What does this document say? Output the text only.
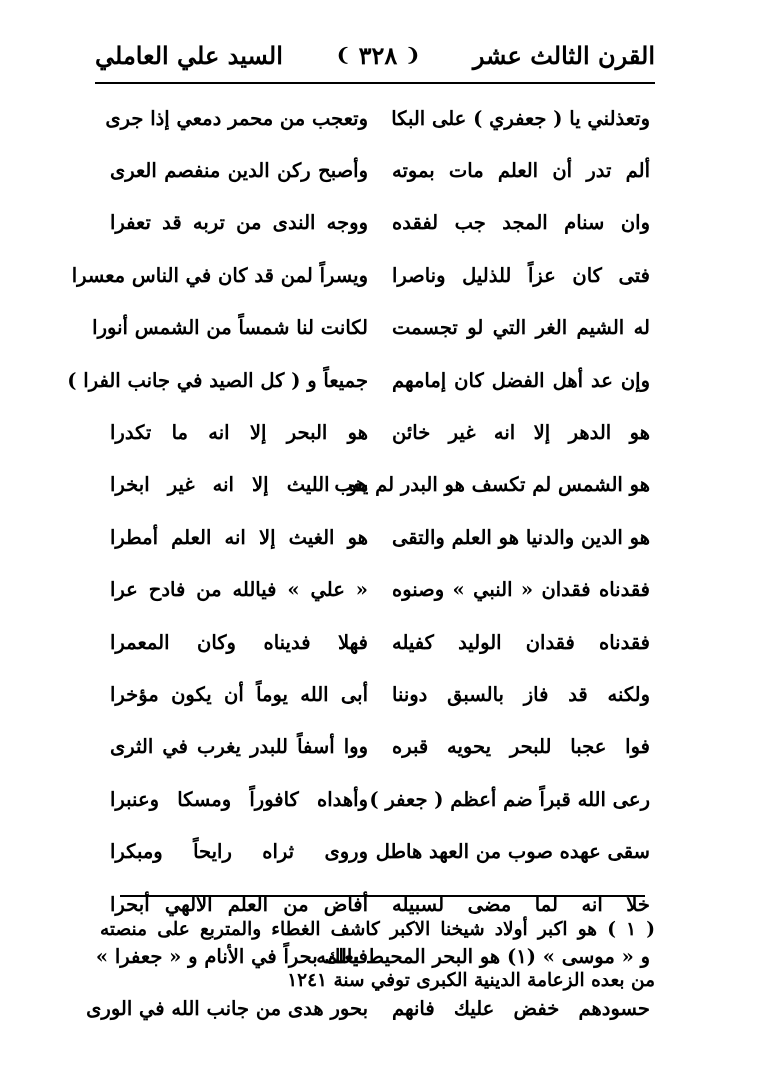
القرن الثالث عشر
❨
٣٢٨
❩
السيد علي العاملي
وتعذلني يا ( جعفري ) على البكا
وتعجب من محمر دمعي إذا جرى
ألم تدر أن العلم مات بموته
وأصبح ركن الدين منفصم العرى
وان سنام المجد جب لفقده
ووجه الندى من تربه قد تعفرا
فتى كان عزاً للذليل وناصرا
ويسراً لمن قد كان في الناس معسرا
له الشيم الغر التي لو تجسمت
لكانت لنا شمساً من الشمس أنورا
وإن عد أهل الفضل كان إمامهم
جميعاً و ( كل الصيد في جانب الفرا )
هو الدهر إلا انه غير خائن
هو البحر إلا انه ما تكدرا
هو الشمس لم تكسف هو البدر لم يغب
هو الليث إلا انه غير ابخرا
هو الدين والدنيا هو العلم والتقى
هو الغيث إلا انه العلم أمطرا
فقدناه فقدان « النبي » وصنوه
« علي » فيالله من فادح عرا
فقدناه فقدان الوليد كفيله
فهلا فديناه وكان المعمرا
ولكنه قد فاز بالسبق دوننا
أبى الله يوماً أن يكون مؤخرا
فوا عجبا للبحر يحويه قبره
ووا أسفاً للبدر يغرب في الثرى
رعى الله قبراً ضم أعظم ( جعفر )
وأهداه كافوراً ومسكا وعنبرا
سقى عهده صوب من العهد هاطل
وروى ثراه رايحاً ومبكرا
خلا انه لما مضى لسبيله
أفاض من العلم الالهي أبحرا
و « موسى » (١) هو البحر المحيط بعلمه
فيالك بحراً في الأنام و « جعفرا »
حسودهم خفض عليك فانهم
بحور هدى من جانب الله في الورى
( ١ ) هو اكبر أولاد شيخنا الاكبر كاشف الغطاء والمتربع على منصته
من بعده الزعامة الدينية الكبرى توفي سنة ١٢٤١
